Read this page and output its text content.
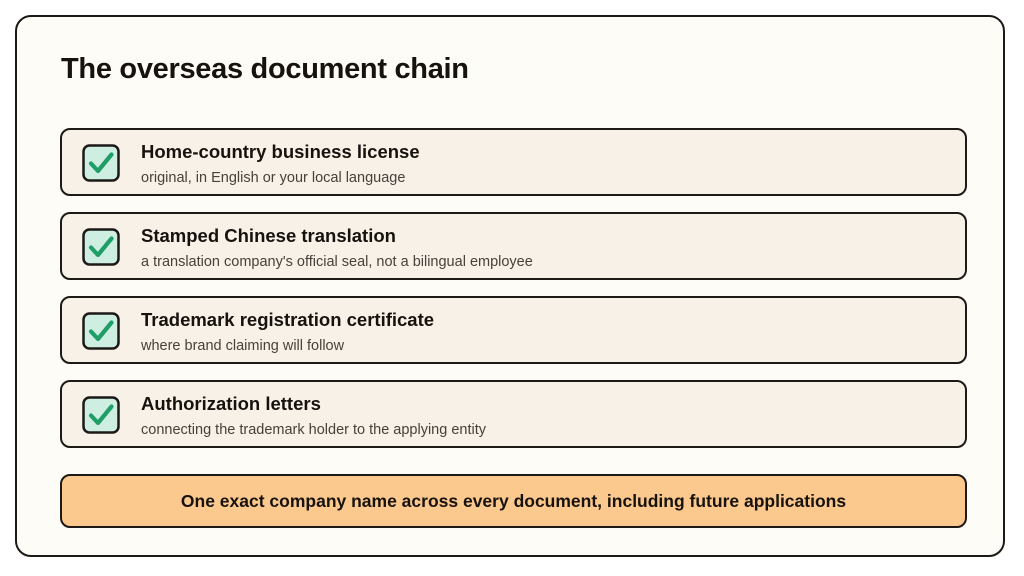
The overseas document chain
Home-country business license
original, in English or your local language
Stamped Chinese translation
a translation company's official seal, not a bilingual employee
Trademark registration certificate
where brand claiming will follow
Authorization letters
connecting the trademark holder to the applying entity
One exact company name across every document, including future applications
